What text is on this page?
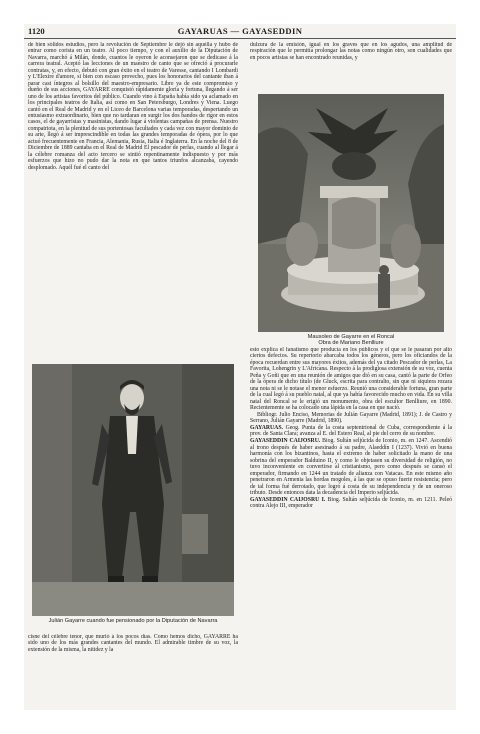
1120	GAYARUAS — GAYASEDDIN

de bien sólidos estudios, pero la revolución de Septiembre le dejó sin aquélla y hubo de entrar como corista en un teatro. Al poco tiempo, y con el auxilio de la Diputación de Navarra, marchó á Milán, donde, cuantos le oyeron le aconsejaron que se dedicase á la carrera teatral. Aceptó las lecciones de un maestro de canto que se ofreció á procurarle contratas, y, en efecto, debutó con gran éxito en el teatro de Varesse, cantando I Lombardi y L'Elexire d'amore, si bien con escaso provecho, pues los honorarios del cantante iban á parar casi íntegros al bolsillo del maestro-empresario. Libre ya de este compromiso y dueño de sus acciones, GAYARRE conquistó rápidamente gloria y fortuna, llegando á ser uno de los artistas favoritos del público. Cuando vino á España había sido ya aclamado en los principales teatros de Italia, así como en San Petersburgo, Londres y Viena. Luego cantó en el Real de Madrid y en el Liceo de Barcelona varias temporadas, despertando un entusiasmo extraordinario, bien que no tardaran en surgir los dos bandos de rigor en estos casos, el de gayarristas y masinistas, dando lugar á violentas campañas de prensa. Nuestro compatriota, en la plenitud de sus portentosas facultades y cada vez con mayor dominio de su arte, llegó á ser imprescindible en todas las grandes temporadas de ópera, por lo que actuó frecuentemente en Francia, Alemania, Rusia, Italia é Inglaterra. En la noche del 8 de Diciembre de 1889 cantaba en el Real de Madrid El pescador de perlas, cuando al llegar á la célebre romanza del acto tercero se sintió repentinamente indispuesto y por más esfuerzos que hizo no pudo dar la nota en que tantos triunfos alcanzaba, cayendo desplomado. Aquél fué el canto del

dulzura de la emisión, igual en los graves que en los agudos, una amplitud de respiración que le permitía prolongar las notas como ningún otro, son cualidades que en pocos artistas se han encontrado reunidas, y

Mausoleo de Gayarre en el Roncal
Obra de Mariano Benlliure
Julián Gayarre cuando fue pensionado por la Diputación de Navarra

cisne del célebre tenor, que murió á los pocos días. Como hemos dicho, GAYARRE ha sido uno de los más grandes cantantes del mundo. El admirable timbre de su voz, la extensión de la misma, la nitidez y la

esto explica el fanatismo que producía en los públicos y el que se le pasaran por alto ciertos defectos. Su repertorio abarcaba todos los géneros, pero los oficiandos de la época recuerdan entre sus mayores éxitos, además del ya citado Pescador de perlas, La Favorita, Lohengrin y L'Africana. Respecto á la prodigiosa extensión de su voz, cuenta Peña y Goñi que en una reunión de amigos que dió en su casa, cantó la parte de Orfeo de la ópera de dicho título (de Gluck, escrita para contralto, sin que ni siquiera rozara una nota ni se le notase el menor esfuerzo. Reunió una considerable fortuna, gran parte de la cual legó á su pueblo natal, al que ya había favorecido mucho en vida. En su villa natal del Roncal se le erigió un monumento, obra del escultor Benlliure, en 1890. Recientemente se ha colocado una lápida en la casa en que nació.

Bibliogr. Julio Enciso, Memorias de Julián Gayarre (Madrid, 1891); J. de Castro y Serrano, Julián Gayarre (Madrid, 1890).

GAYARUAS. Geog. Punta de la costa septentrional de Cuba, correspondiente á la prov. de Santa Clara; avanza al E. del Estero Real, al pie del cerro de su nombre.

GAYASEDDIN CAIJOSRU. Biog. Sultán seljúcida de Iconio, m. en 1247. Ascendió al trono después de haber asesinado á su padre, Alaeddín I (1237). Vivió en buena harmonía con los bizantinos, hasta el extremo de haber solicitado la mano de una sobrina del emperador Balduino II, y como le objetasen su diversidad de religión, no tuvo inconveniente en convertirse al cristianismo, pero como después se cansó el emperador, firmando en 1244 un tratado de alianza con Vatacas. En este mismo año penetraron en Armenia las hordas mogoles, á las que se opuso fuerte resistencia; pero de tal forma fué derrotado, que logró á costa de su independencia y de un oneroso tributo. Desde entonces data la decadencia del Imperio seljúcida.

GAYASEDDIN CAIJOSRU I. Biog. Sultán seljúcida de Iconio, m. en 1211. Peleó contra Alejo III, emperador
